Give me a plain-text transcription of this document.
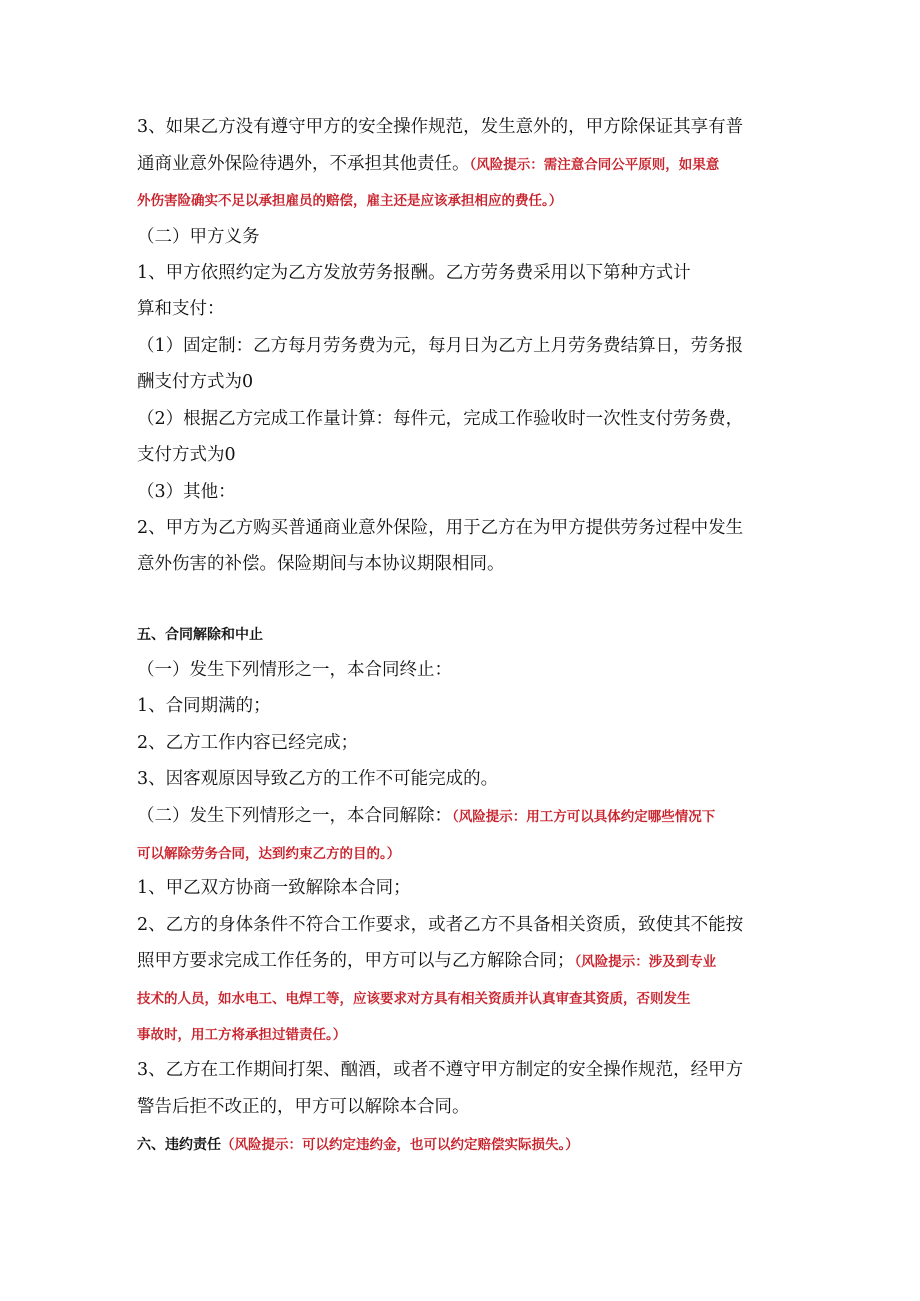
3、如果乙方没有遵守甲方的安全操作规范，发生意外的，甲方除保证其享有普
通商业意外保险待遇外，不承担其他责任。（风险提示：需注意合同公平原则，如果意
外伤害险确实不足以承担雇员的赔偿，雇主还是应该承担相应的费任。）
（二）甲方义务
1、甲方依照约定为乙方发放劳务报酬。乙方劳务费采用以下第种方式计
算和支付：
（1）固定制：乙方每月劳务费为元，每月日为乙方上月劳务费结算日，劳务报
酬支付方式为0
（2）根据乙方完成工作量计算：每件元，完成工作验收时一次性支付劳务费，
支付方式为0
（3）其他：
2、甲方为乙方购买普通商业意外保险，用于乙方在为甲方提供劳务过程中发生
意外伤害的补偿。保险期间与本协议期限相同。
五、合同解除和中止
（一）发生下列情形之一，本合同终止：
1、合同期满的；
2、乙方工作内容已经完成；
3、因客观原因导致乙方的工作不可能完成的。
（二）发生下列情形之一，本合同解除：（风险提示：用工方可以具体约定哪些情况下
可以解除劳务合同，达到约束乙方的目的。）
1、甲乙双方协商一致解除本合同；
2、乙方的身体条件不符合工作要求，或者乙方不具备相关资质，致使其不能按
照甲方要求完成工作任务的，甲方可以与乙方解除合同；（风险提示：涉及到专业
技术的人员，如水电工、电焊工等，应该要求对方具有相关资质并认真审查其资质，否则发生
事故时，用工方将承担过错责任。）
3、乙方在工作期间打架、酗酒，或者不遵守甲方制定的安全操作规范，经甲方
警告后拒不改正的，甲方可以解除本合同。
六、违约责任（风险提示：可以约定违约金，也可以约定赔偿实际损失。）
